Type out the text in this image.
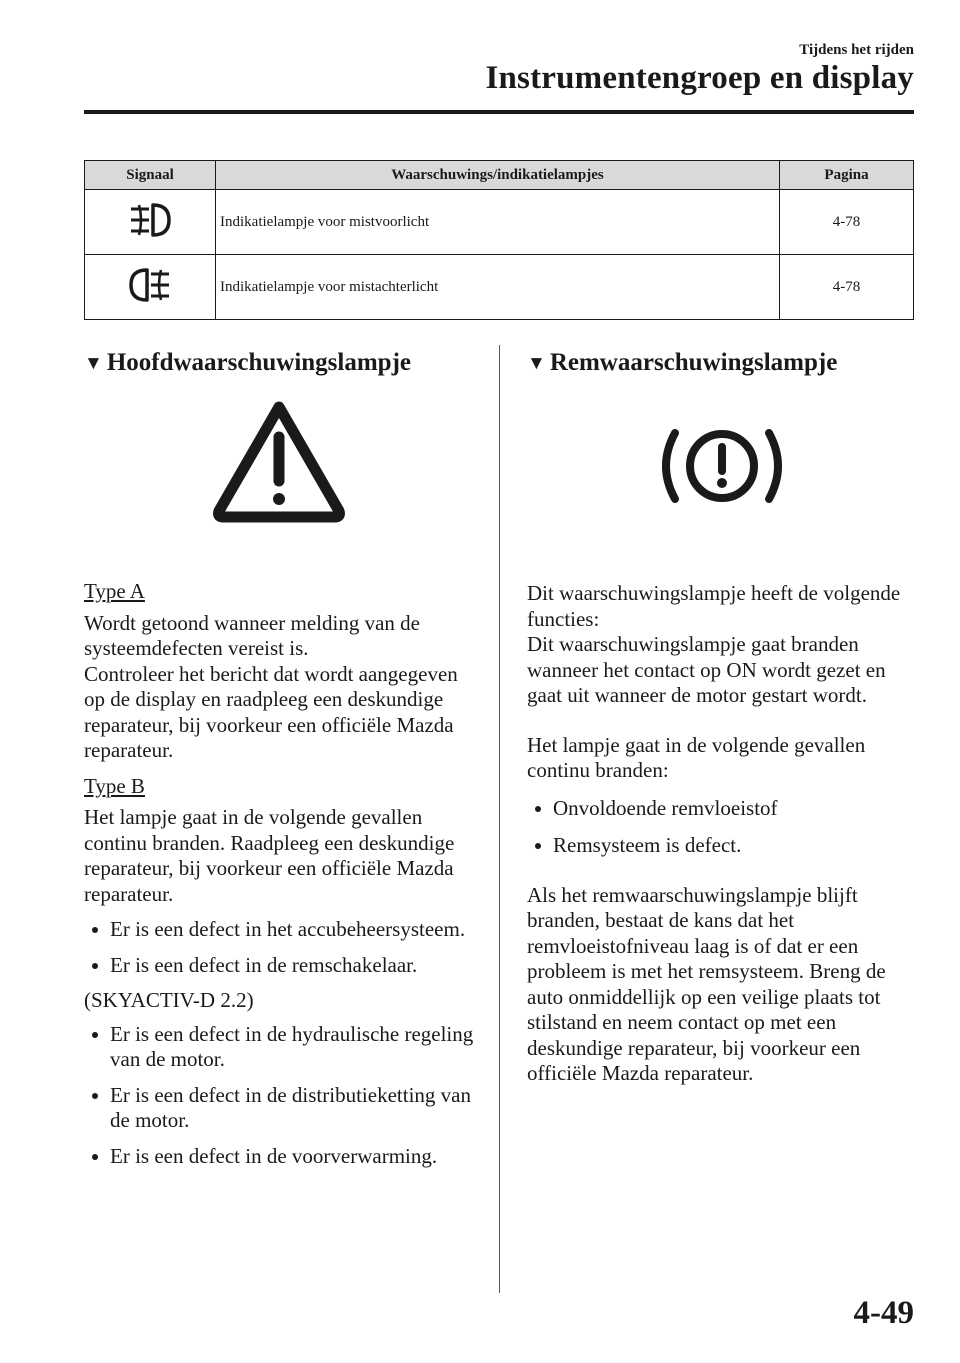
Tijdens het rijden
Instrumentengroep en display
Signaal	Waarschuwings/indikatielampjes	Pagina
	Indikatielampje voor mistvoorlicht	4-78
	Indikatielampje voor mistachterlicht	4-78
▼ Hoofdwaarschuwingslampje

Type A

Wordt getoond wanneer melding van de systeemdefecten vereist is.

Controleer het bericht dat wordt aangegeven op de display en raadpleeg een deskundige reparateur, bij voorkeur een officiële Mazda reparateur.

Type B

Het lampje gaat in de volgende gevallen continu branden. Raadpleeg een deskundige reparateur, bij voorkeur een officiële Mazda reparateur.

Er is een defect in het accubeheersysteem.
Er is een defect in de remschakelaar.

(SKYACTIV-D 2.2)

Er is een defect in de hydraulische regeling van de motor.
Er is een defect in de distributieketting van de motor.
Er is een defect in de voorverwarming.
▼ Remwaarschuwingslampje

Dit waarschuwingslampje heeft de volgende functies:

Dit waarschuwingslampje gaat branden wanneer het contact op ON wordt gezet en gaat uit wanneer de motor gestart wordt.

Het lampje gaat in de volgende gevallen continu branden:

Onvoldoende remvloeistof
Remsysteem is defect.

Als het remwaarschuwingslampje blijft branden, bestaat de kans dat het remvloeistofniveau laag is of dat er een probleem is met het remsysteem. Breng de auto onmiddellijk op een veilige plaats tot stilstand en neem contact op met een deskundige reparateur, bij voorkeur een officiële Mazda reparateur.

4-49
